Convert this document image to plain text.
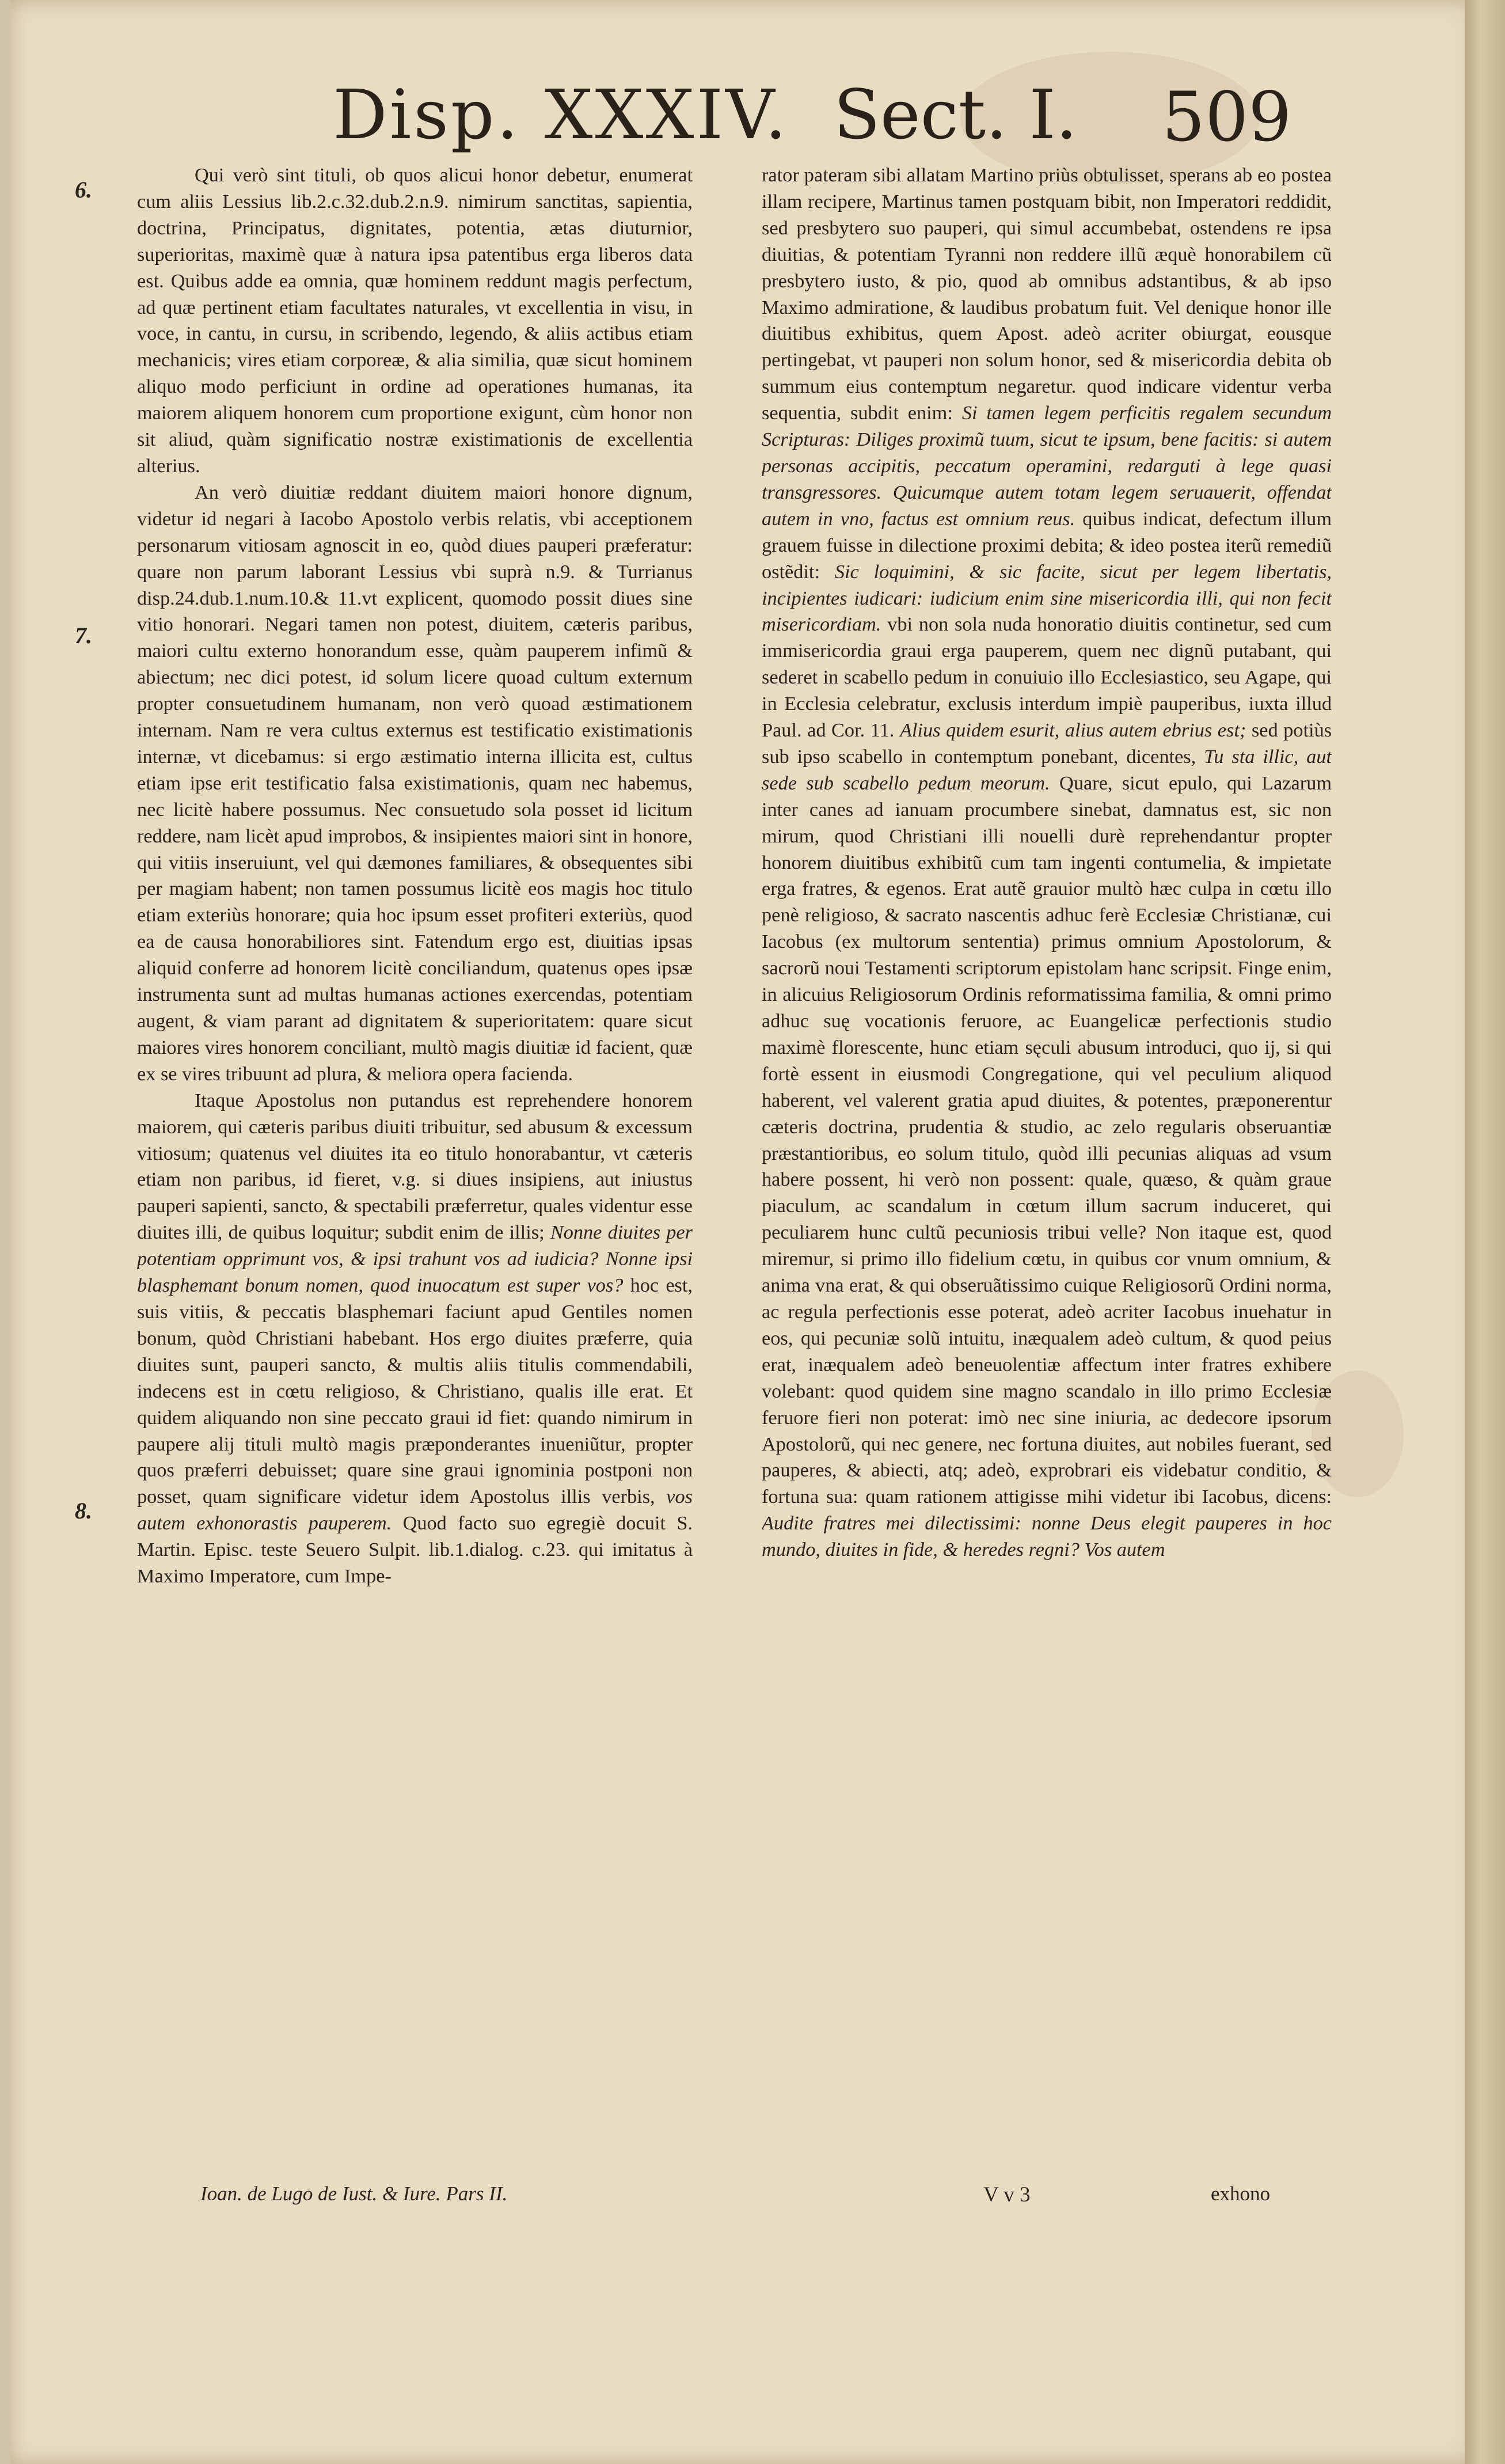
Disp. XXXIV. Sect. I. 509
6.
7.
8.

Qui verò sint tituli, ob quos alicui honor debetur, enumerat cum aliis Lessius lib.2.c.32.dub.2.n.9. nimirum sanctitas, sapientia, doctrina, Principatus, dignitates, potentia, ætas diuturnior, superioritas, maximè quæ à natura ipsa patentibus erga liberos data est. Quibus adde ea omnia, quæ hominem reddunt magis perfectum, ad quæ pertinent etiam facultates naturales, vt excellentia in visu, in voce, in cantu, in cursu, in scribendo, legendo, & aliis actibus etiam mechanicis; vires etiam corporeæ, & alia similia, quæ sicut hominem aliquo modo perficiunt in ordine ad operationes humanas, ita maiorem aliquem honorem cum proportione exigunt, cùm honor non sit aliud, quàm significatio nostræ existimationis de excellentia alterius.

An verò diuitiæ reddant diuitem maiori honore dignum, videtur id negari à Iacobo Apostolo verbis relatis, vbi acceptionem personarum vitiosam agnoscit in eo, quòd diues pauperi præferatur: quare non parum laborant Lessius vbi suprà n.9. & Turrianus disp.24.dub.1.num.10.& 11.vt explicent, quomodo possit diues sine vitio honorari. Negari tamen non potest, diuitem, cæteris paribus, maiori cultu externo honorandum esse, quàm pauperem infimũ & abiectum; nec dici potest, id solum licere quoad cultum externum propter consuetudinem humanam, non verò quoad æstimationem internam. Nam re vera cultus externus est testificatio existimationis internæ, vt dicebamus: si ergo æstimatio interna illicita est, cultus etiam ipse erit testificatio falsa existimationis, quam nec habemus, nec licitè habere possumus. Nec consuetudo sola posset id licitum reddere, nam licèt apud improbos, & insipientes maiori sint in honore, qui vitiis inseruiunt, vel qui dæmones familiares, & obsequentes sibi per magiam habent; non tamen possumus licitè eos magis hoc titulo etiam exteriùs honorare; quia hoc ipsum esset profiteri exteriùs, quod ea de causa honorabiliores sint. Fatendum ergo est, diuitias ipsas aliquid conferre ad honorem licitè conciliandum, quatenus opes ipsæ instrumenta sunt ad multas humanas actiones exercendas, potentiam augent, & viam parant ad dignitatem & superioritatem: quare sicut maiores vires honorem conciliant, multò magis diuitiæ id facient, quæ ex se vires tribuunt ad plura, & meliora opera facienda.

Itaque Apostolus non putandus est reprehendere honorem maiorem, qui cæteris paribus diuiti tribuitur, sed abusum & excessum vitiosum; quatenus vel diuites ita eo titulo honorabantur, vt cæteris etiam non paribus, id fieret, v.g. si diues insipiens, aut iniustus pauperi sapienti, sancto, & spectabili præferretur, quales videntur esse diuites illi, de quibus loquitur; subdit enim de illis; Nonne diuites per potentiam opprimunt vos, & ipsi trahunt vos ad iudicia? Nonne ipsi blasphemant bonum nomen, quod inuocatum est super vos? hoc est, suis vitiis, & peccatis blasphemari faciunt apud Gentiles nomen bonum, quòd Christiani habebant. Hos ergo diuites præferre, quia diuites sunt, pauperi sancto, & multis aliis titulis commendabili, indecens est in cœtu religioso, & Christiano, qualis ille erat. Et quidem aliquando non sine peccato graui id fiet: quando nimirum in paupere alij tituli multò magis præponderantes inueniũtur, propter quos præferri debuisset; quare sine graui ignominia postponi non posset, quam significare videtur idem Apostolus illis verbis, vos autem exhonorastis pauperem. Quod facto suo egregiè docuit S. Martin. Episc. teste Seuero Sulpit. lib.1.dialog. c.23. qui imitatus à Maximo Imperatore, cum Impe-

rator pateram sibi allatam Martino priùs obtulisset, sperans ab eo postea illam recipere, Martinus tamen postquam bibit, non Imperatori reddidit, sed presbytero suo pauperi, qui simul accumbebat, ostendens re ipsa diuitias, & potentiam Tyranni non reddere illũ æquè honorabilem cũ presbytero iusto, & pio, quod ab omnibus adstantibus, & ab ipso Maximo admiratione, & laudibus probatum fuit. Vel denique honor ille diuitibus exhibitus, quem Apost. adeò acriter obiurgat, eousque pertingebat, vt pauperi non solum honor, sed & misericordia debita ob summum eius contemptum negaretur. quod indicare videntur verba sequentia, subdit enim: Si tamen legem perficitis regalem secundum Scripturas: Diliges proximũ tuum, sicut te ipsum, bene facitis: si autem personas accipitis, peccatum operamini, redarguti à lege quasi transgressores. Quicumque autem totam legem seruauerit, offendat autem in vno, factus est omnium reus. quibus indicat, defectum illum grauem fuisse in dilectione proximi debita; & ideo postea iterũ remediũ ostẽdit: Sic loquimini, & sic facite, sicut per legem libertatis, incipientes iudicari: iudicium enim sine misericordia illi, qui non fecit misericordiam. vbi non sola nuda honoratio diuitis continetur, sed cum immisericordia graui erga pauperem, quem nec dignũ putabant, qui sederet in scabello pedum in conuiuio illo Ecclesiastico, seu Agape, qui in Ecclesia celebratur, exclusis interdum impiè pauperibus, iuxta illud Paul. ad Cor. 11. Alius quidem esurit, alius autem ebrius est; sed potiùs sub ipso scabello in contemptum ponebant, dicentes, Tu sta illic, aut sede sub scabello pedum meorum. Quare, sicut epulo, qui Lazarum inter canes ad ianuam procumbere sinebat, damnatus est, sic non mirum, quod Christiani illi nouelli durè reprehendantur propter honorem diuitibus exhibitũ cum tam ingenti contumelia, & impietate erga fratres, & egenos. Erat autẽ grauior multò hæc culpa in cœtu illo penè religioso, & sacrato nascentis adhuc ferè Ecclesiæ Christianæ, cui Iacobus (ex multorum sententia) primus omnium Apostolorum, & sacrorũ noui Testamenti scriptorum epistolam hanc scripsit. Finge enim, in alicuius Religiosorum Ordinis reformatissima familia, & omni primo adhuc suę vocationis feruore, ac Euangelicæ perfectionis studio maximè florescente, hunc etiam sęculi abusum introduci, quo ij, si qui fortè essent in eiusmodi Congregatione, qui vel peculium aliquod haberent, vel valerent gratia apud diuites, & potentes, præponerentur cæteris doctrina, prudentia & studio, ac zelo regularis obseruantiæ præstantioribus, eo solum titulo, quòd illi pecunias aliquas ad vsum habere possent, hi verò non possent: quale, quæso, & quàm graue piaculum, ac scandalum in cœtum illum sacrum induceret, qui peculiarem hunc cultũ pecuniosis tribui velle? Non itaque est, quod miremur, si primo illo fidelium cœtu, in quibus cor vnum omnium, & anima vna erat, & qui obseruãtissimo cuique Religiosorũ Ordini norma, ac regula perfectionis esse poterat, adeò acriter Iacobus inuehatur in eos, qui pecuniæ solũ intuitu, inæqualem adeò cultum, & quod peius erat, inæqualem adeò beneuolentiæ affectum inter fratres exhibere volebant: quod quidem sine magno scandalo in illo primo Ecclesiæ feruore fieri non poterat: imò nec sine iniuria, ac dedecore ipsorum Apostolorũ, qui nec genere, nec fortuna diuites, aut nobiles fuerant, sed pauperes, & abiecti, atq; adeò, exprobrari eis videbatur conditio, & fortuna sua: quam rationem attigisse mihi videtur ibi Iacobus, dicens: Audite fratres mei dilectissimi: nonne Deus elegit pauperes in hoc mundo, diuites in fide, & heredes regni? Vos autem

Ioan. de Lugo de Iust. & Iure. Pars II.	V v 3	exhono
